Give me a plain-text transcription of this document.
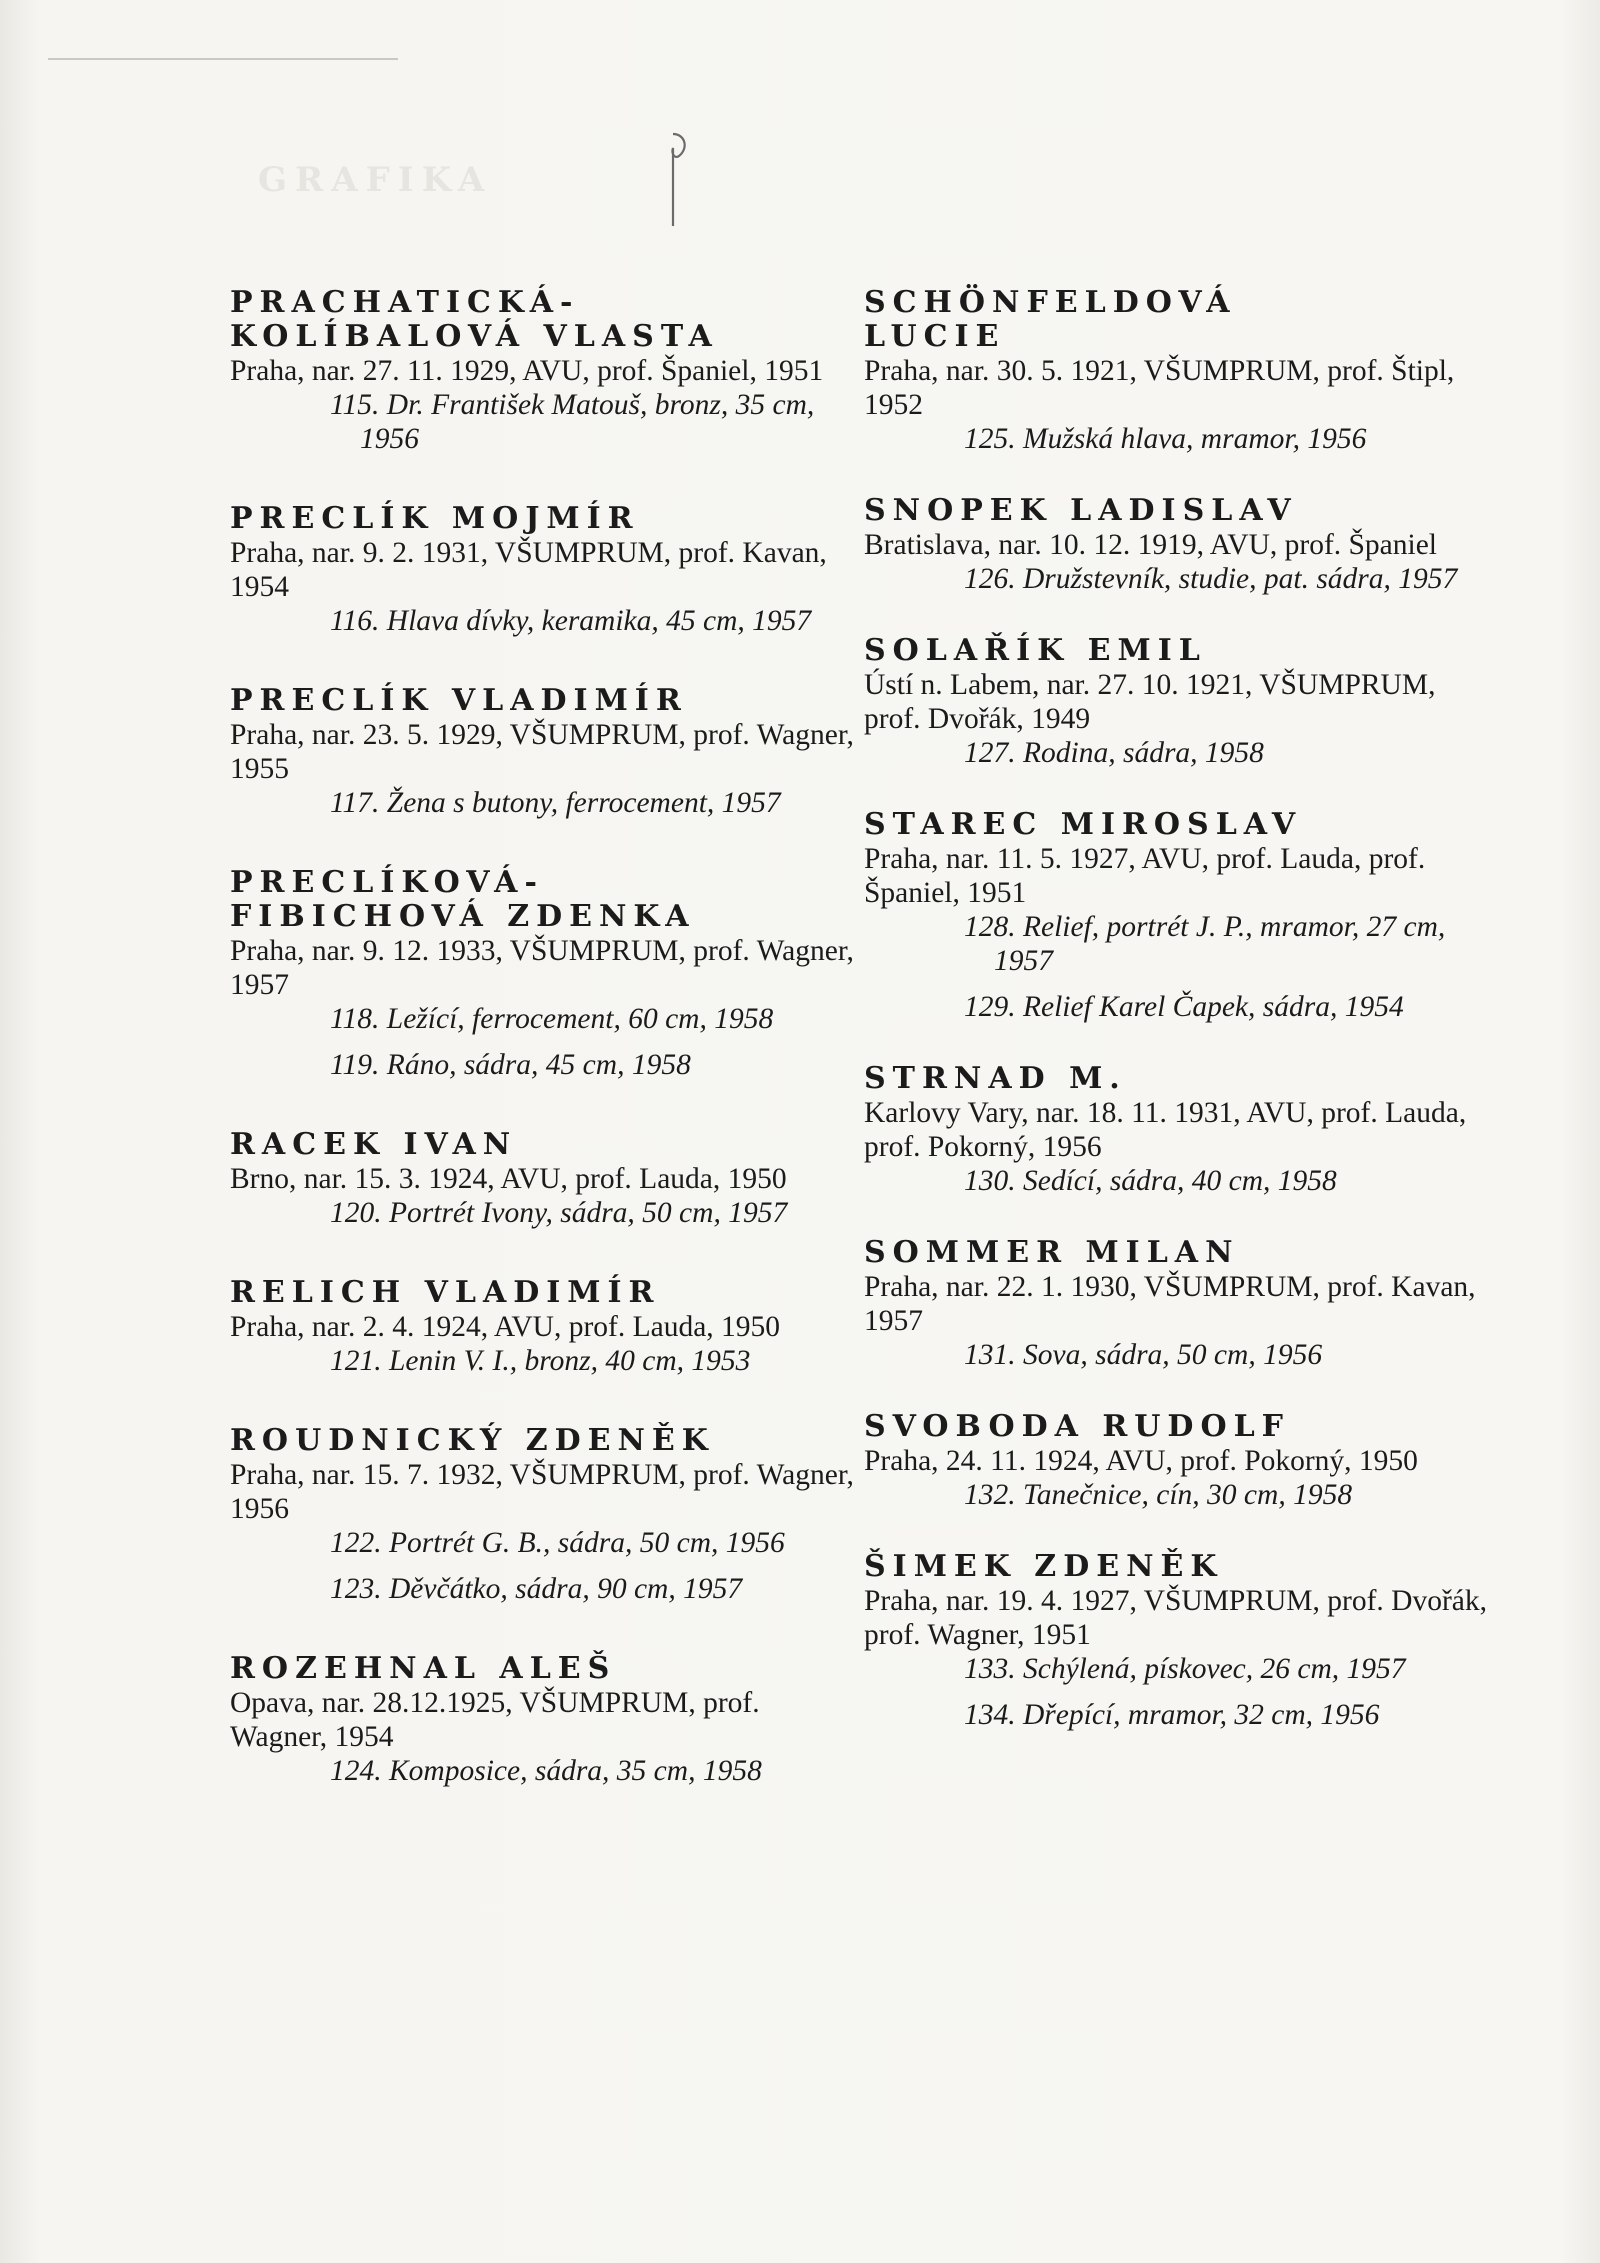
GRAFIKA
PRACHATICKÁ-
KOLÍBALOVÁ VLASTA
Praha, nar. 27. 11. 1929, AVU, prof. Španiel, 1951
115. Dr. František Matouš, bronz, 35 cm, 1956
PRECLÍK MOJMÍR
Praha, nar. 9. 2. 1931, VŠUMPRUM, prof. Kavan, 1954
116. Hlava dívky, keramika, 45 cm, 1957
PRECLÍK VLADIMÍR
Praha, nar. 23. 5. 1929, VŠUMPRUM, prof. Wagner, 1955
117. Žena s butony, ferrocement, 1957
PRECLÍKOVÁ-
FIBICHOVÁ ZDENKA
Praha, nar. 9. 12. 1933, VŠUMPRUM, prof. Wagner, 1957
118. Ležící, ferrocement, 60 cm, 1958
119. Ráno, sádra, 45 cm, 1958
RACEK IVAN
Brno, nar. 15. 3. 1924, AVU, prof. Lauda, 1950
120. Portrét Ivony, sádra, 50 cm, 1957
RELICH VLADIMÍR
Praha, nar. 2. 4. 1924, AVU, prof. Lauda, 1950
121. Lenin V. I., bronz, 40 cm, 1953
ROUDNICKÝ ZDENĚK
Praha, nar. 15. 7. 1932, VŠUMPRUM, prof. Wagner, 1956
122. Portrét G. B., sádra, 50 cm, 1956
123. Děvčátko, sádra, 90 cm, 1957
ROZEHNAL ALEŠ
Opava, nar. 28.12.1925, VŠUMPRUM, prof. Wagner, 1954
124. Komposice, sádra, 35 cm, 1958
SCHÖNFELDOVÁ
LUCIE
Praha, nar. 30. 5. 1921, VŠUMPRUM, prof. Štipl, 1952
125. Mužská hlava, mramor, 1956
SNOPEK LADISLAV
Bratislava, nar. 10. 12. 1919, AVU, prof. Španiel
126. Družstevník, studie, pat. sádra, 1957
SOLAŘÍK EMIL
Ústí n. Labem, nar. 27. 10. 1921, VŠUMPRUM, prof. Dvořák, 1949
127. Rodina, sádra, 1958
STAREC MIROSLAV
Praha, nar. 11. 5. 1927, AVU, prof. Lauda, prof. Španiel, 1951
128. Relief, portrét J. P., mramor, 27 cm, 1957
129. Relief Karel Čapek, sádra, 1954
STRNAD M.
Karlovy Vary, nar. 18. 11. 1931, AVU, prof. Lauda, prof. Pokorný, 1956
130. Sedící, sádra, 40 cm, 1958
SOMMER MILAN
Praha, nar. 22. 1. 1930, VŠUMPRUM, prof. Kavan, 1957
131. Sova, sádra, 50 cm, 1956
SVOBODA RUDOLF
Praha, 24. 11. 1924, AVU, prof. Pokorný, 1950
132. Tanečnice, cín, 30 cm, 1958
ŠIMEK ZDENĚK
Praha, nar. 19. 4. 1927, VŠUMPRUM, prof. Dvořák, prof. Wagner, 1951
133. Schýlená, pískovec, 26 cm, 1957
134. Dřepící, mramor, 32 cm, 1956
